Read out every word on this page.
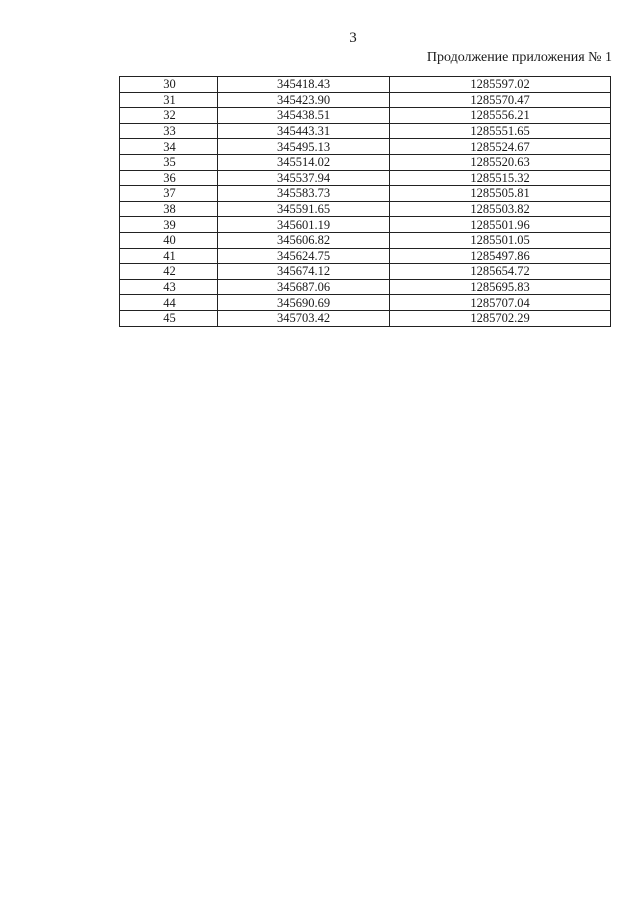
3
Продолжение приложения № 1
30	345418.43	1285597.02
31	345423.90	1285570.47
32	345438.51	1285556.21
33	345443.31	1285551.65
34	345495.13	1285524.67
35	345514.02	1285520.63
36	345537.94	1285515.32
37	345583.73	1285505.81
38	345591.65	1285503.82
39	345601.19	1285501.96
40	345606.82	1285501.05
41	345624.75	1285497.86
42	345674.12	1285654.72
43	345687.06	1285695.83
44	345690.69	1285707.04
45	345703.42	1285702.29
